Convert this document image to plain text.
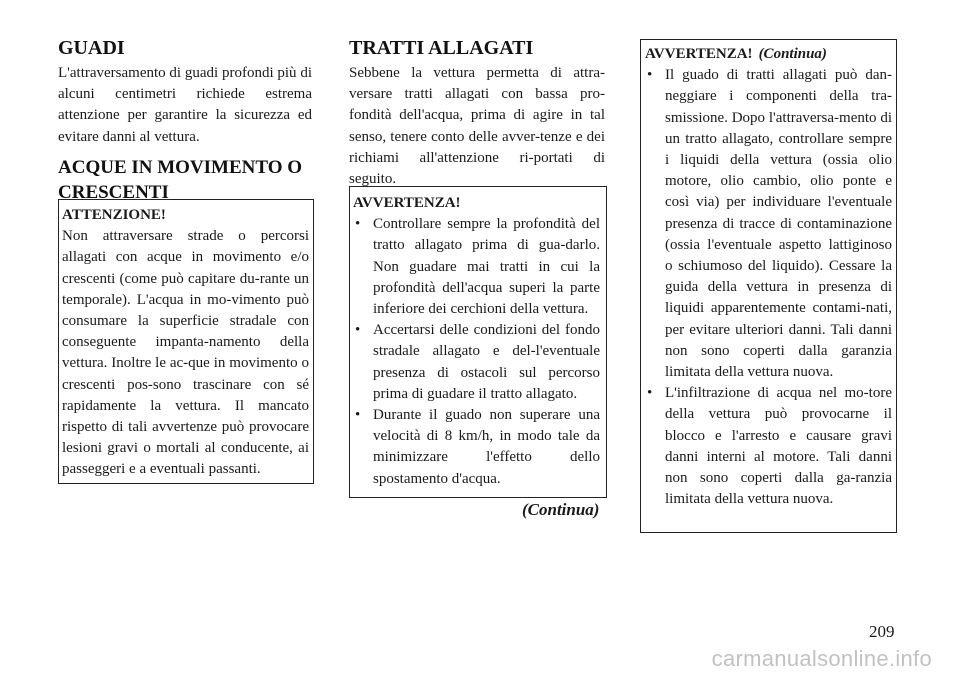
GUADI

L'attraversamento di guadi profondi più di alcuni centimetri richiede estrema attenzione per garantire la sicurezza ed evitare danni al vettura.

ACQUE IN MOVIMENTO O
CRESCENTI
ATTENZIONE!
Non attraversare strade o percorsi allagati con acque in movimento e/o crescenti (come può capitare du-rante un temporale). L'acqua in mo-vimento può consumare la superficie stradale con conseguente impanta-namento della vettura. Inoltre le ac-que in movimento o crescenti pos-sono trascinare con sé rapidamente la vettura. Il mancato rispetto di tali avvertenze può provocare lesioni gravi o mortali al conducente, ai passeggeri e a eventuali passanti.
TRATTI ALLAGATI

Sebbene la vettura permetta di attra-versare tratti allagati con bassa pro-fondità dell'acqua, prima di agire in tal senso, tenere conto delle avver-tenze e dei richiami all'attenzione ri-portati di seguito.

AVVERTENZA!
• Controllare sempre la profondità del tratto allagato prima di gua-darlo. Non guadare mai tratti in cui la profondità dell'acqua superi la parte inferiore dei cerchioni della vettura.
• Accertarsi delle condizioni del fondo stradale allagato e del-l'eventuale presenza di ostacoli sul percorso prima di guadare il tratto allagato.
• Durante il guado non superare una velocità di 8 km/h, in modo tale da minimizzare l'effetto dello spostamento d'acqua.
(Continua)
AVVERTENZA! (Continua)
• Il guado di tratti allagati può dan-neggiare i componenti della tra-smissione. Dopo l'attraversa-mento di un tratto allagato, controllare sempre i liquidi della vettura (ossia olio motore, olio cambio, olio ponte e così via) per individuare l'eventuale presenza di tracce di contaminazione (ossia l'eventuale aspetto lattiginoso o schiumoso del liquido). Cessare la guida della vettura in presenza di liquidi apparentemente contami-nati, per evitare ulteriori danni. Tali danni non sono coperti dalla garanzia limitata della vettura nuova.
• L'infiltrazione di acqua nel mo-tore della vettura può provocarne il blocco e l'arresto e causare gravi danni interni al motore. Tali danni non sono coperti dalla ga-ranzia limitata della vettura nuova.
209
carmanualsonline.info
